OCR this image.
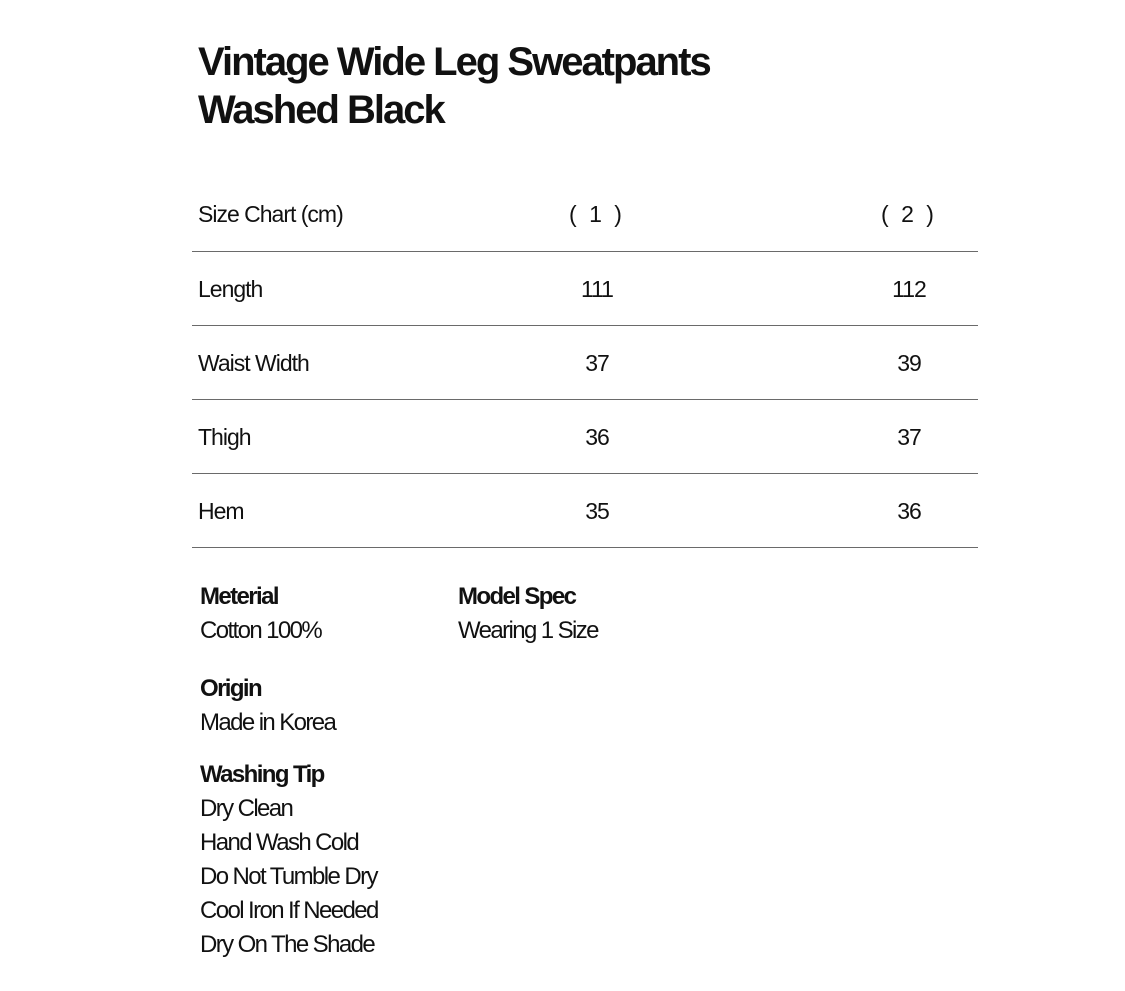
Vintage Wide Leg Sweatpants
Washed Black
Size Chart (cm)	( 1 )	( 2 )
Length	111	112
Waist Width	37	39
Thigh	36	37
Hem	35	36
Meterial
Cotton 100%
Model Spec
Wearing 1 Size
Origin
Made in Korea
Washing Tip
Dry Clean
Hand Wash Cold
Do Not Tumble Dry
Cool Iron If Needed
Dry On The Shade
